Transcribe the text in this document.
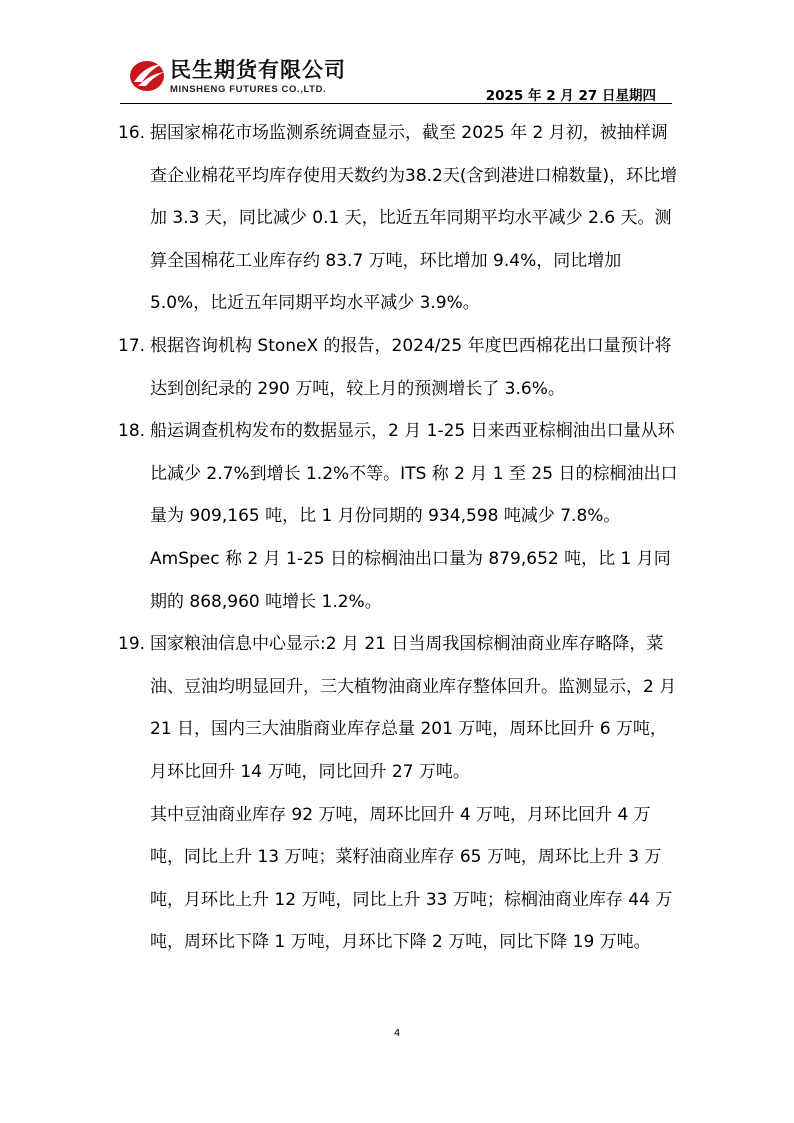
民生期货有限公司
MINSHENG FUTURES CO.,LTD.	2025 年 2 月 27 日星期四
16. 据国家棉花市场监测系统调查显示，截至 2025 年 2 月初，被抽样调查企业棉花平均库存使用天数约为38.2天(含到港进口棉数量)，环比增加 3.3 天，同比减少 0.1 天，比近五年同期平均水平减少 2.6 天。测算全国棉花工业库存约 83.7 万吨，环比增加 9.4%，同比增加 5.0%，比近五年同期平均水平减少 3.9%。
17. 根据咨询机构 StoneX 的报告，2024/25 年度巴西棉花出口量预计将达到创纪录的 290 万吨，较上月的预测增长了 3.6%。
18. 船运调查机构发布的数据显示，2 月 1-25 日来西亚棕榈油出口量从环比减少 2.7%到增长 1.2%不等。ITS 称 2 月 1 至 25 日的棕榈油出口量为 909,165 吨，比 1 月份同期的 934,598 吨减少 7.8%。
AmSpec 称 2 月 1-25 日的棕榈油出口量为 879,652 吨，比 1 月同期的 868,960 吨增长 1.2%。
19. 国家粮油信息中心显示:2 月 21 日当周我国棕榈油商业库存略降，菜油、豆油均明显回升，三大植物油商业库存整体回升。监测显示，2 月 21 日，国内三大油脂商业库存总量 201 万吨，周环比回升 6 万吨，月环比回升 14 万吨，同比回升 27 万吨。
其中豆油商业库存 92 万吨，周环比回升 4 万吨，月环比回升 4 万吨，同比上升 13 万吨；菜籽油商业库存 65 万吨，周环比上升 3 万吨，月环比上升 12 万吨，同比上升 33 万吨；棕榈油商业库存 44 万吨，周环比下降 1 万吨，月环比下降 2 万吨，同比下降 19 万吨。
4
